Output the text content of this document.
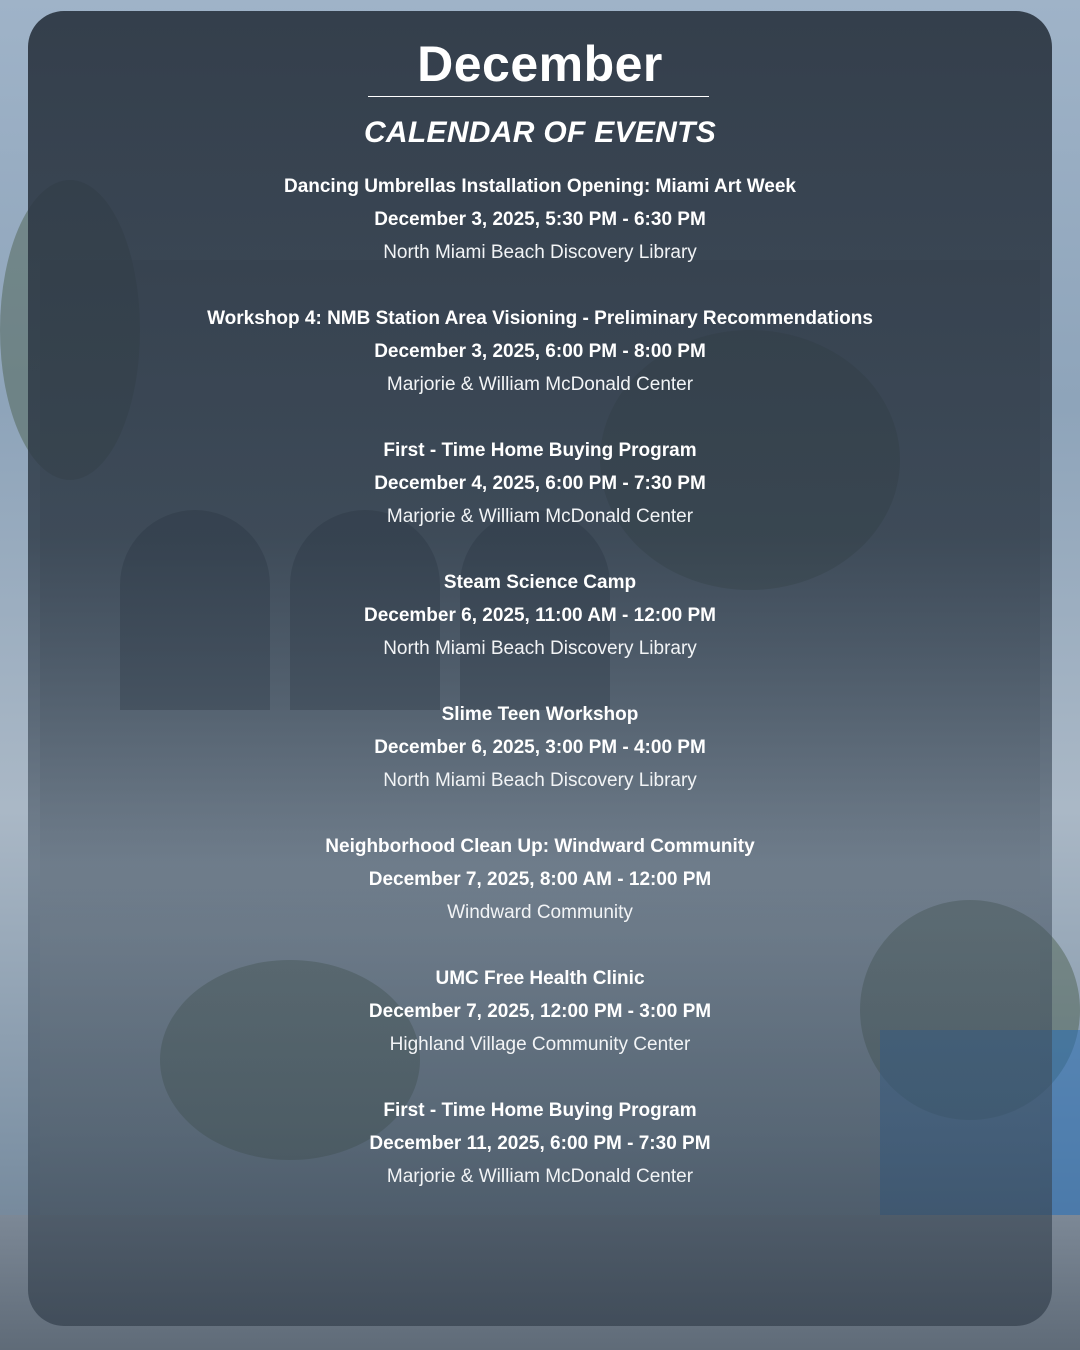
December
CALENDAR OF EVENTS
Dancing Umbrellas Installation Opening: Miami Art Week
December 3, 2025, 5:30 PM - 6:30 PM
North Miami Beach Discovery Library
Workshop 4: NMB Station Area Visioning - Preliminary Recommendations
December 3, 2025, 6:00 PM - 8:00 PM
Marjorie & William McDonald Center
First - Time Home Buying Program
December 4, 2025, 6:00 PM - 7:30 PM
Marjorie & William McDonald Center
Steam Science Camp
December 6, 2025, 11:00 AM - 12:00 PM
North Miami Beach Discovery Library
Slime Teen Workshop
December 6, 2025, 3:00 PM - 4:00 PM
North Miami Beach Discovery Library
Neighborhood Clean Up: Windward Community
December 7, 2025, 8:00 AM - 12:00 PM
Windward Community
UMC Free Health Clinic
December 7, 2025, 12:00 PM - 3:00 PM
Highland Village Community Center
First - Time Home Buying Program
December 11, 2025, 6:00 PM - 7:30 PM
Marjorie & William McDonald Center
